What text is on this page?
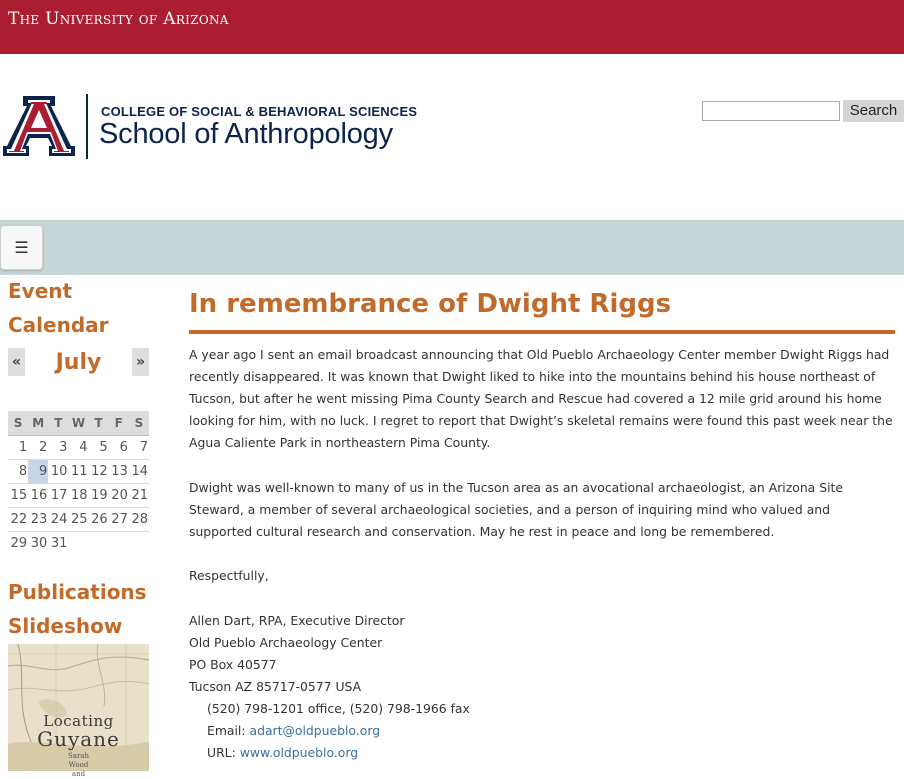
The University of Arizona
COLLEGE OF SOCIAL & BEHAVIORAL SCIENCES
School of Anthropology
Search
☰
Event
Calendar
July
«	»
S	M	T	W	T	F	S
1	2	3	4	5	6	7
8	9	10	11	12	13	14
15	16	17	18	19	20	21
22	23	24	25	26	27	28
29	30	31				
Publications
Slideshow
Locating
Guyane
Sarah
Wood
and
In remembrance of Dwight Riggs

A year ago I sent an email broadcast announcing that Old Pueblo Archaeology Center member Dwight Riggs had recently disappeared. It was known that Dwight liked to hike into the mountains behind his house northeast of Tucson, but after he went missing Pima County Search and Rescue had covered a 12 mile grid around his home looking for him, with no luck. I regret to report that Dwight’s skeletal remains were found this past week near the Agua Caliente Park in northeastern Pima County.

Dwight was well-known to many of us in the Tucson area as an avocational archaeologist, an Arizona Site Steward, a member of several archaeological societies, and a person of inquiring mind who valued and supported cultural research and conservation. May he rest in peace and long be remembered.

Respectfully,

Allen Dart, RPA, Executive Director

Old Pueblo Archaeology Center

PO Box 40577

Tucson AZ 85717-0577 USA

(520) 798-1201 office, (520) 798-1966 fax

Email: adart@oldpueblo.org

URL: www.oldpueblo.org
